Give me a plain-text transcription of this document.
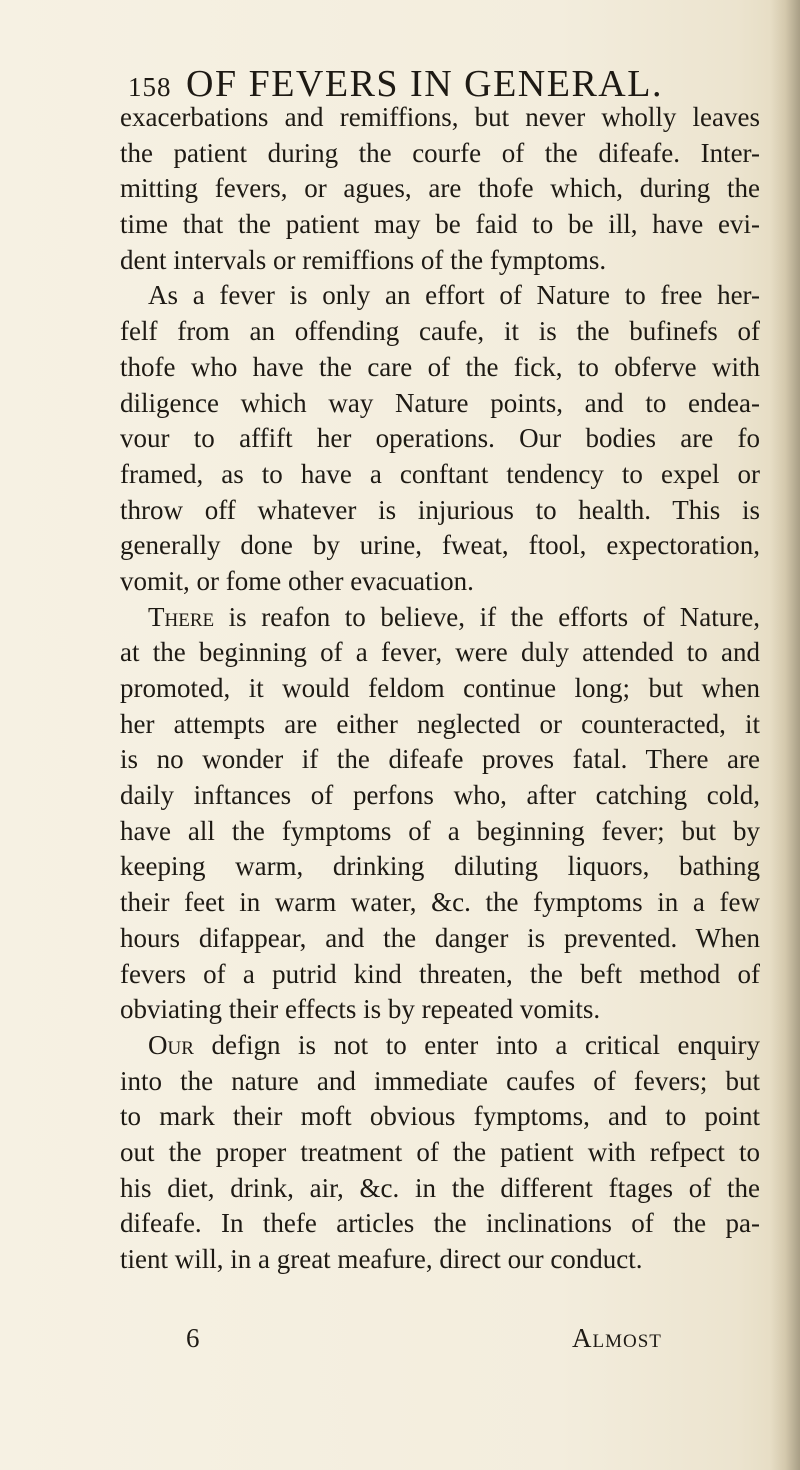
158 OF FEVERS IN GENERAL.
exacerbations and remiffions, but never wholly leaves
the patient during the courfe of the difeafe. Inter-
mitting fevers, or agues, are thofe which, during the
time that the patient may be faid to be ill, have evi-
dent intervals or remiffions of the fymptoms.
As a fever is only an effort of Nature to free her-
felf from an offending caufe, it is the bufinefs of
thofe who have the care of the fick, to obferve with
diligence which way Nature points, and to endea-
vour to affift her operations. Our bodies are fo
framed, as to have a conftant tendency to expel or
throw off whatever is injurious to health. This is
generally done by urine, fweat, ftool, expectoration,
vomit, or fome other evacuation.
There is reafon to believe, if the efforts of Nature,
at the beginning of a fever, were duly attended to and
promoted, it would feldom continue long; but when
her attempts are either neglected or counteracted, it
is no wonder if the difeafe proves fatal. There are
daily inftances of perfons who, after catching cold,
have all the fymptoms of a beginning fever; but by
keeping warm, drinking diluting liquors, bathing
their feet in warm water, &c. the fymptoms in a few
hours difappear, and the danger is prevented. When
fevers of a putrid kind threaten, the beft method of
obviating their effects is by repeated vomits.
Our defign is not to enter into a critical enquiry
into the nature and immediate caufes of fevers; but
to mark their moft obvious fymptoms, and to point
out the proper treatment of the patient with refpect to
his diet, drink, air, &c. in the different ftages of the
difeafe. In thefe articles the inclinations of the pa-
tient will, in a great meafure, direct our conduct.
6	Almost
